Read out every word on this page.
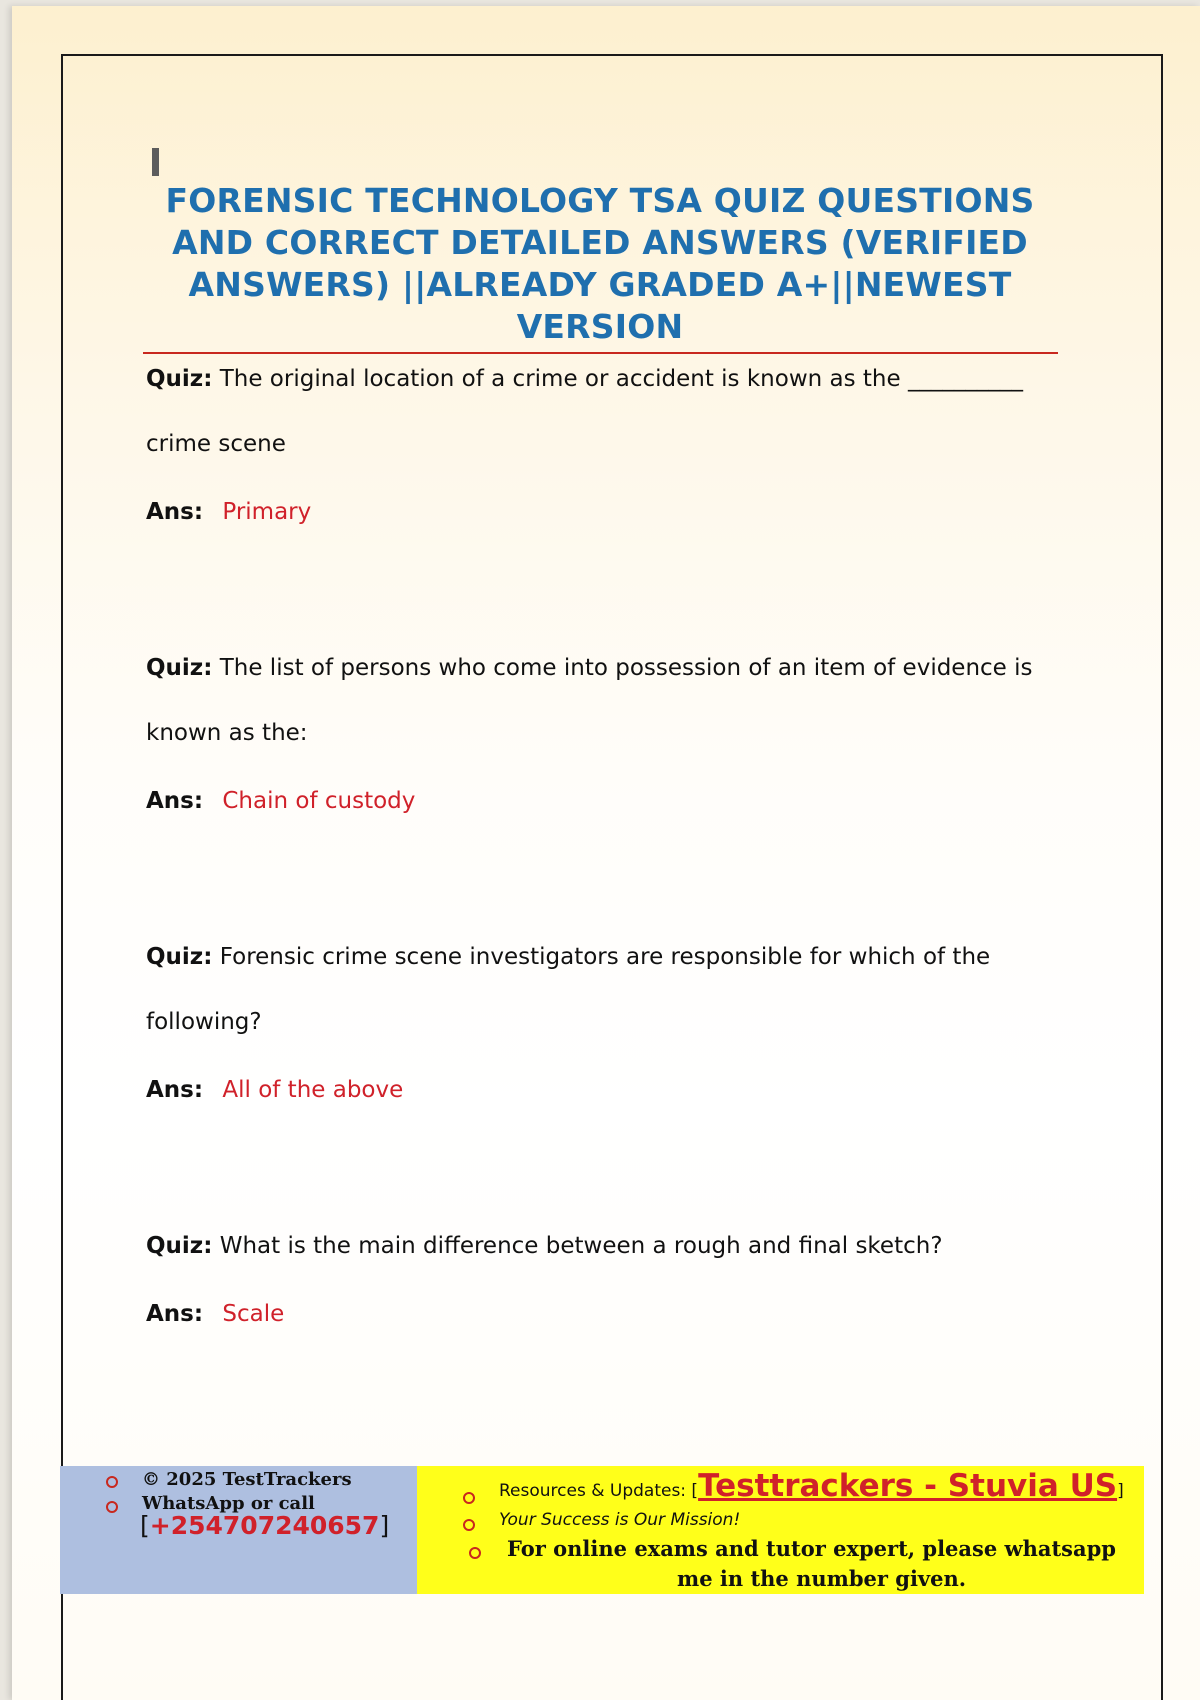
FORENSIC TECHNOLOGY TSA QUIZ QUESTIONS AND CORRECT DETAILED ANSWERS (VERIFIED ANSWERS) ||ALREADY GRADED A+||NEWEST VERSION

Quiz: The original location of a crime or accident is known as the __________ crime scene

Ans: Primary

Quiz: The list of persons who come into possession of an item of evidence is known as the:

Ans: Chain of custody

Quiz: Forensic crime scene investigators are responsible for which of the following?

Ans: All of the above

Quiz: What is the main difference between a rough and final sketch?

Ans: Scale

© 2025 TestTrackers
WhatsApp or call
[+254707240657]
Resources & Updates: [Testtrackers - Stuvia US]
Your Success is Our Mission!
For online exams and tutor expert, please whatsapp
me in the number given.
